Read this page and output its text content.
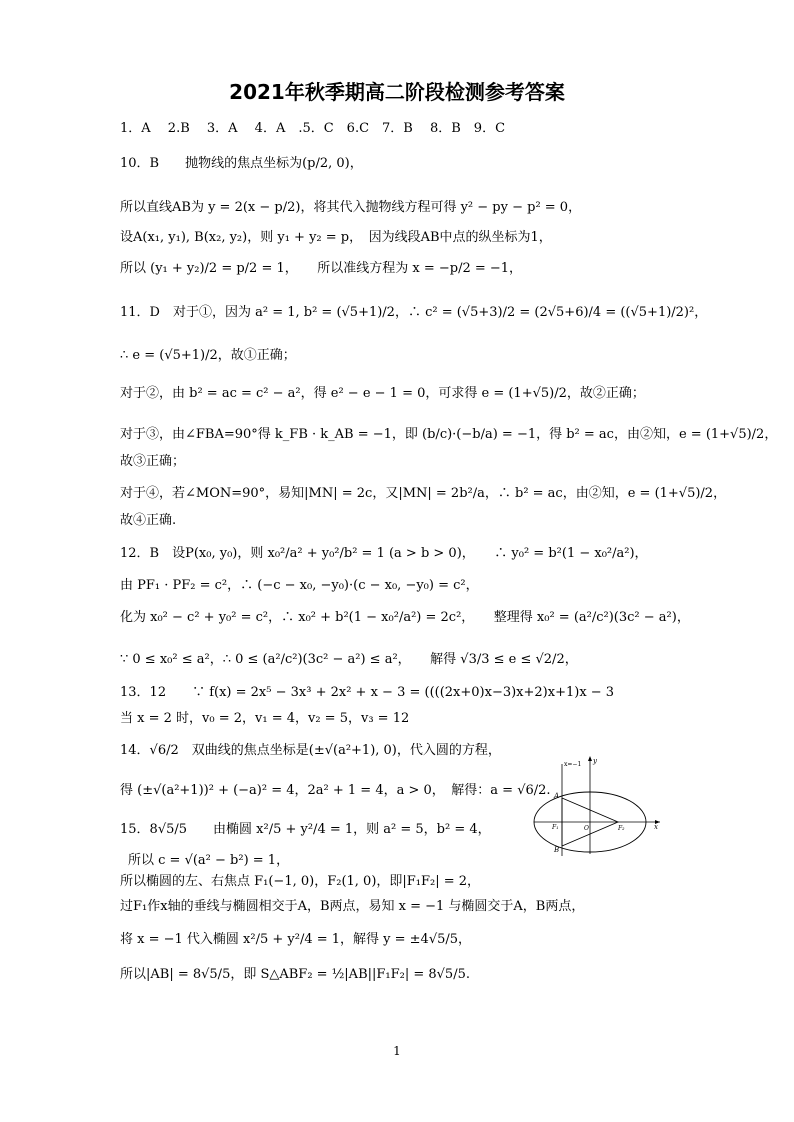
2021年秋季期高二阶段检测参考答案
1．A　 2.B　 3．A　 4．A　.5．C　6.C　7．B　 8．B　9．C
10．B　　抛物线的焦点坐标为(p/2, 0)，
所以直线AB为 y = 2(x − p/2)，将其代入抛物线方程可得 y² − py − p² = 0，
设A(x₁, y₁), B(x₂, y₂)，则 y₁ + y₂ = p，　因为线段AB中点的纵坐标为1，
所以 (y₁ + y₂)/2 = p/2 = 1，　　所以准线方程为 x = −p/2 = −1，
11．D　对于①，因为 a² = 1, b² = (√5+1)/2，∴ c² = (√5+3)/2 = (2√5+6)/4 = ((√5+1)/2)²，
∴ e = (√5+1)/2，故①正确；
对于②，由 b² = ac = c² − a²，得 e² − e − 1 = 0，可求得 e = (1+√5)/2，故②正确；
对于③，由∠FBA=90°得 k_FB · k_AB = −1，即 (b/c)·(−b/a) = −1，得 b² = ac，由②知，e = (1+√5)/2，
故③正确；
对于④，若∠MON=90°，易知|MN| = 2c，又|MN| = 2b²/a，∴ b² = ac，由②知，e = (1+√5)/2，
故④正确.
12．B　设P(x₀, y₀)，则 x₀²/a² + y₀²/b² = 1 (a > b > 0)，　　∴ y₀² = b²(1 − x₀²/a²)，
由 PF₁ · PF₂ = c²，∴ (−c − x₀, −y₀)·(c − x₀, −y₀) = c²，
化为 x₀² − c² + y₀² = c²，∴ x₀² + b²(1 − x₀²/a²) = 2c²，　　整理得 x₀² = (a²/c²)(3c² − a²)，
∵ 0 ≤ x₀² ≤ a²，∴ 0 ≤ (a²/c²)(3c² − a²) ≤ a²，　　解得 √3/3 ≤ e ≤ √2/2，
13．12　　∵ f(x) = 2x⁵ − 3x³ + 2x² + x − 3 = ((((2x+0)x−3)x+2)x+1)x − 3
当 x = 2 时，v₀ = 2，v₁ = 4，v₂ = 5，v₃ = 12
14．√6/2　双曲线的焦点坐标是(±√(a²+1), 0)，代入圆的方程，
得 (±√(a²+1))² + (−a)² = 4，2a² + 1 = 4，a > 0，　解得：a = √6/2.
15．8√5/5　　由椭圆 x²/5 + y²/4 = 1，则 a² = 5，b² = 4，
所以 c = √(a² − b²) = 1，
所以椭圆的左、右焦点 F₁(−1, 0)，F₂(1, 0)，即|F₁F₂| = 2，
过F₁作x轴的垂线与椭圆相交于A，B两点，易知 x = −1 与椭圆交于A，B两点，
将 x = −1 代入椭圆 x²/5 + y²/4 = 1，解得 y = ±4√5/5，
所以|AB| = 8√5/5，即 S△ABF₂ = ½|AB||F₁F₂| = 8√5/5.
x=−1 y
A
F₁	O	F₂	x
B
1
